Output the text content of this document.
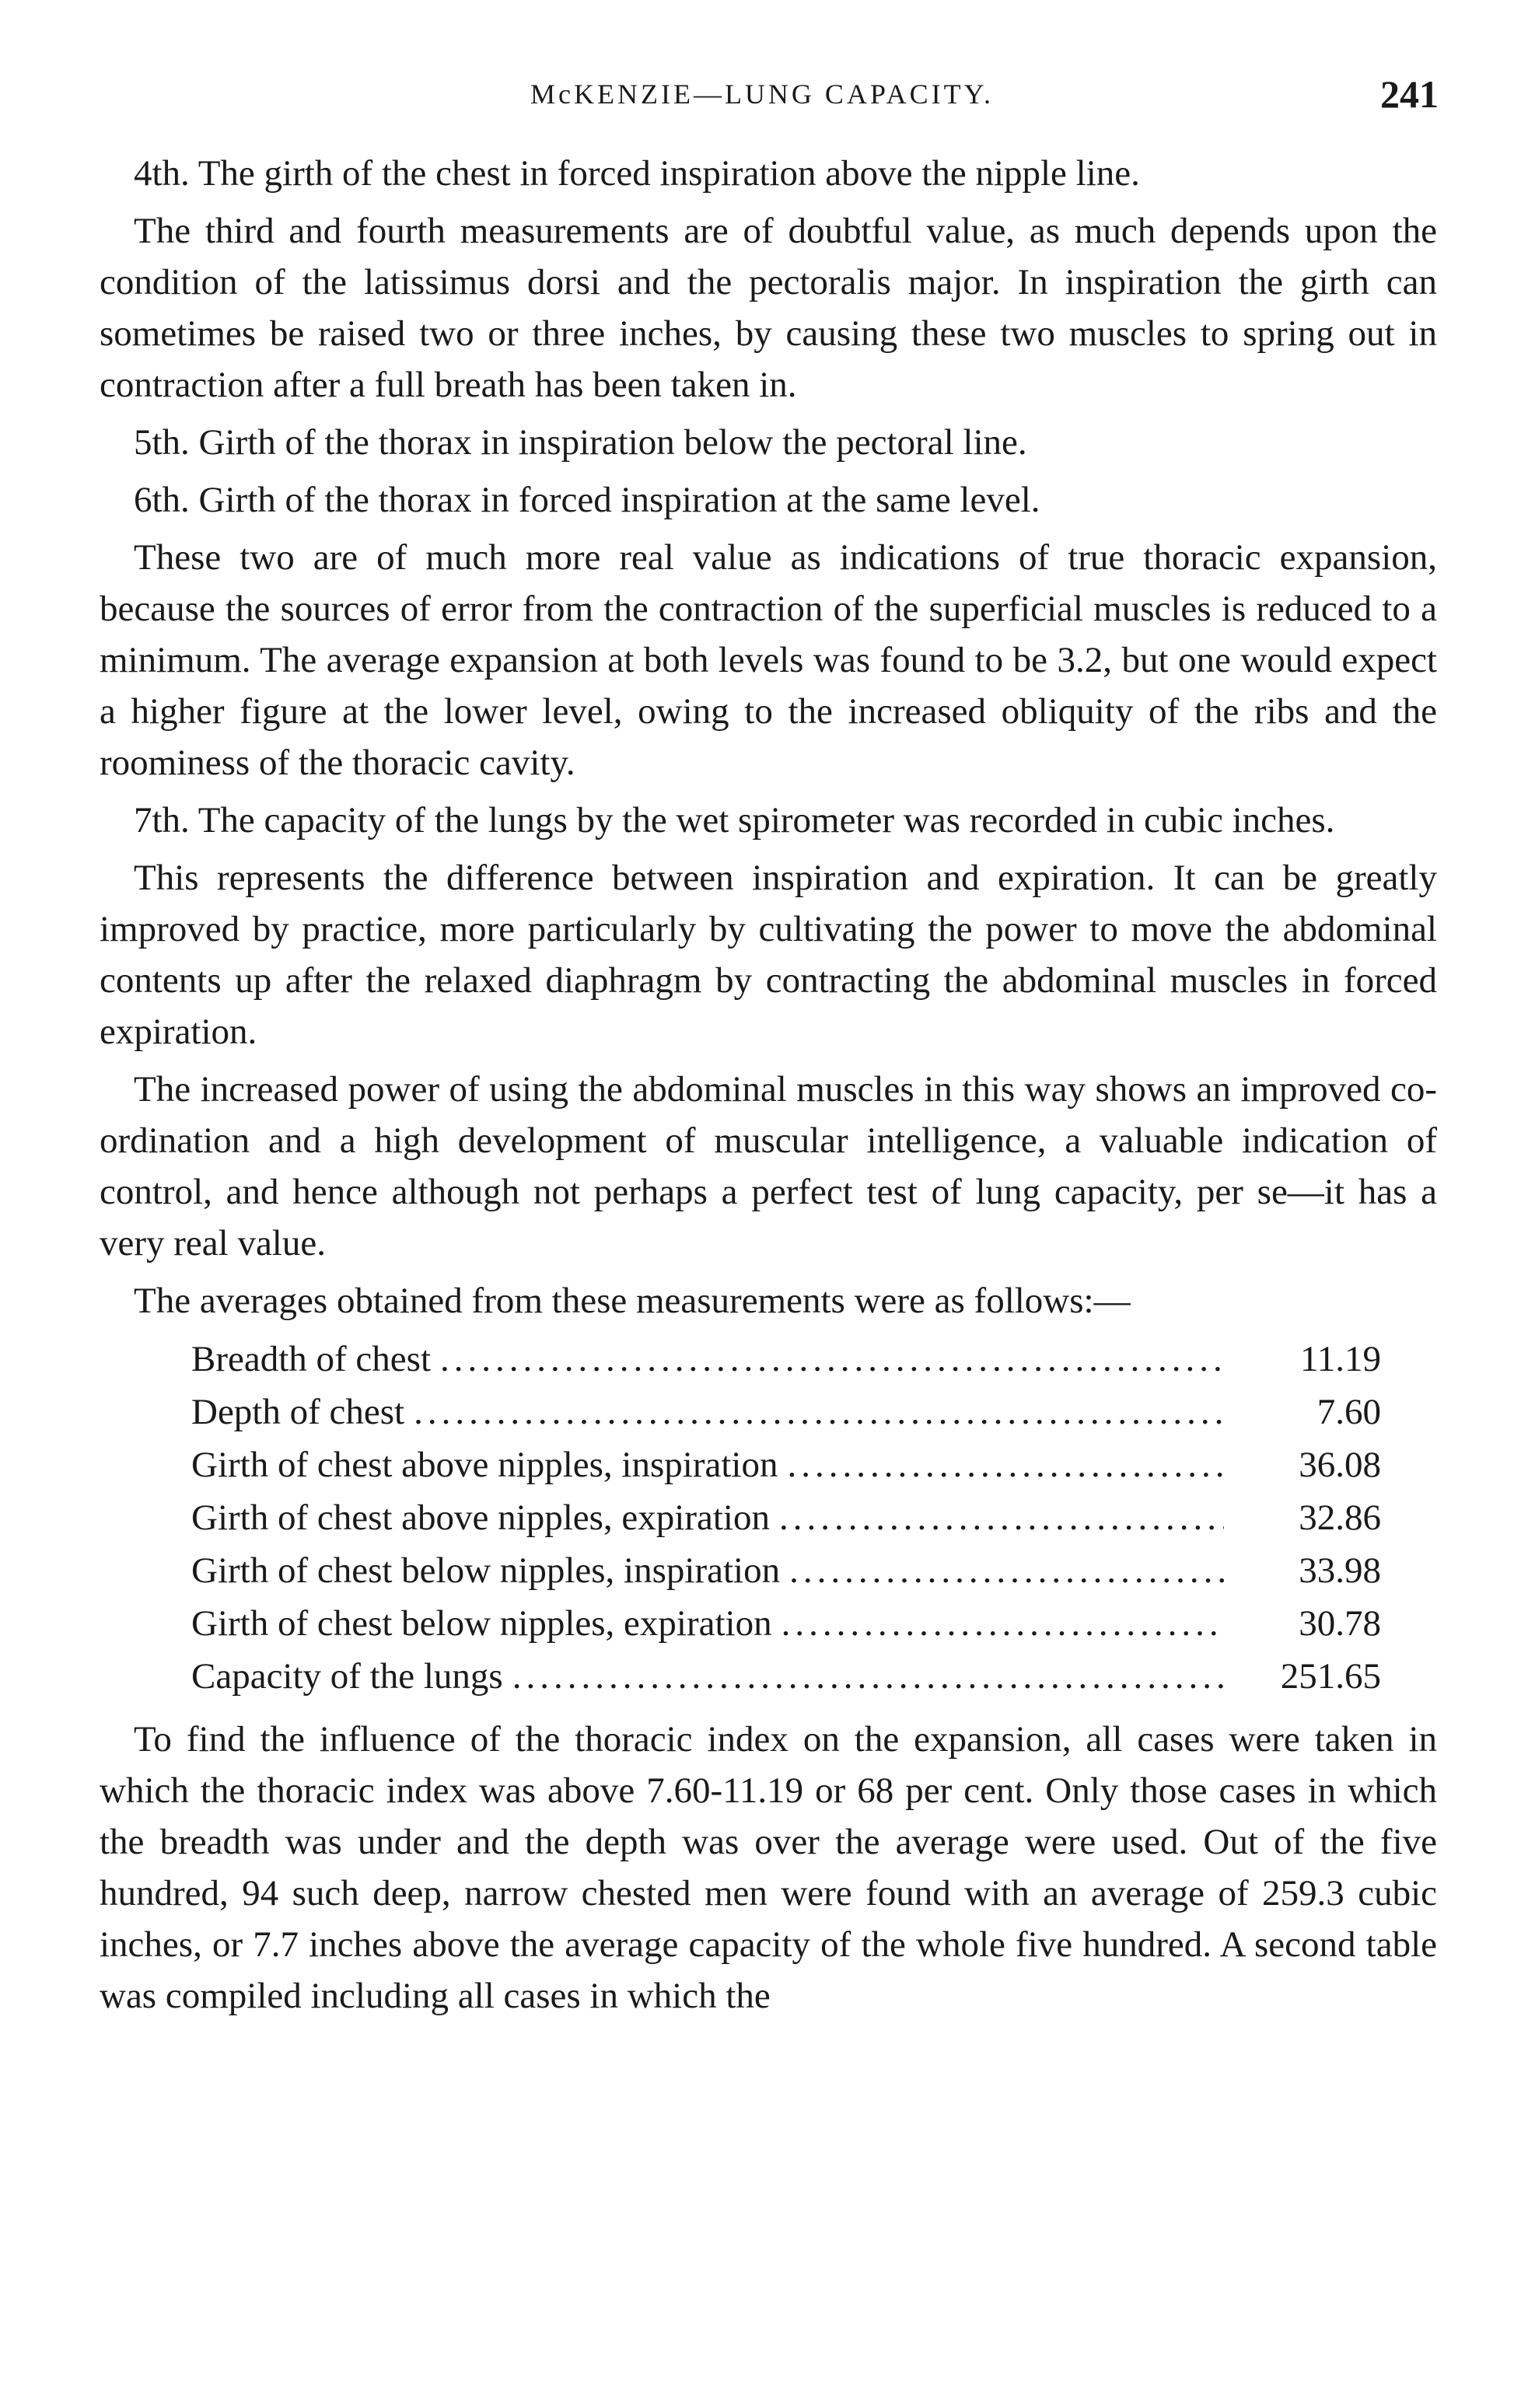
McKENZIE—LUNG CAPACITY.	241

4th. The girth of the chest in forced inspiration above the nipple line.

The third and fourth measurements are of doubtful value, as much depends upon the condition of the latissimus dorsi and the pectoralis major. In inspiration the girth can sometimes be raised two or three inches, by causing these two muscles to spring out in contraction after a full breath has been taken in.

5th. Girth of the thorax in inspiration below the pectoral line.

6th. Girth of the thorax in forced inspiration at the same level.

These two are of much more real value as indications of true thoracic expansion, because the sources of error from the contraction of the superficial muscles is reduced to a minimum. The average expansion at both levels was found to be 3.2, but one would expect a higher figure at the lower level, owing to the increased obliquity of the ribs and the roominess of the thoracic cavity.

7th. The capacity of the lungs by the wet spirometer was recorded in cubic inches.

This represents the difference between inspiration and expiration. It can be greatly improved by practice, more particularly by cultivating the power to move the abdominal contents up after the relaxed diaphragm by contracting the abdominal muscles in forced expiration.

The increased power of using the abdominal muscles in this way shows an improved co-ordination and a high development of muscular intelligence, a valuable indication of control, and hence although not perhaps a perfect test of lung capacity, per se—it has a very real value.

The averages obtained from these measurements were as follows:—

Breadth of chest .....	11.19
Depth of chest .....	7.60
Girth of chest above nipples, inspiration .....	36.08
Girth of chest above nipples, expiration .....	32.86
Girth of chest below nipples, inspiration .....	33.98
Girth of chest below nipples, expiration .....	30.78
Capacity of the lungs .....	251.65

To find the influence of the thoracic index on the expansion, all cases were taken in which the thoracic index was above 7.60-11.19 or 68 per cent. Only those cases in which the breadth was under and the depth was over the average were used. Out of the five hundred, 94 such deep, narrow chested men were found with an average of 259.3 cubic inches, or 7.7 inches above the average capacity of the whole five hundred. A second table was compiled including all cases in which the
